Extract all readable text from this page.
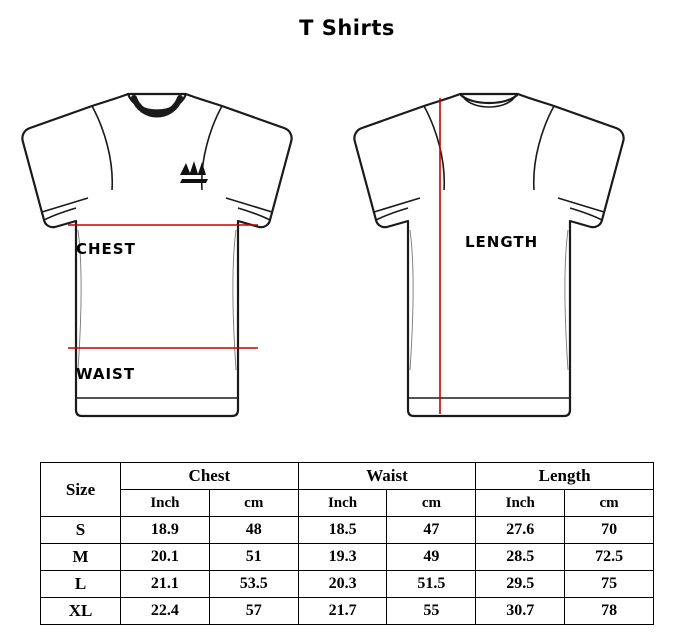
T Shirts
CHEST
WAIST
LENGTH
Size	Chest		Waist		Length	
	Inch	cm	Inch	cm	Inch	cm
S	18.9	48	18.5	47	27.6	70
M	20.1	51	19.3	49	28.5	72.5
L	21.1	53.5	20.3	51.5	29.5	75
XL	22.4	57	21.7	55	30.7	78
